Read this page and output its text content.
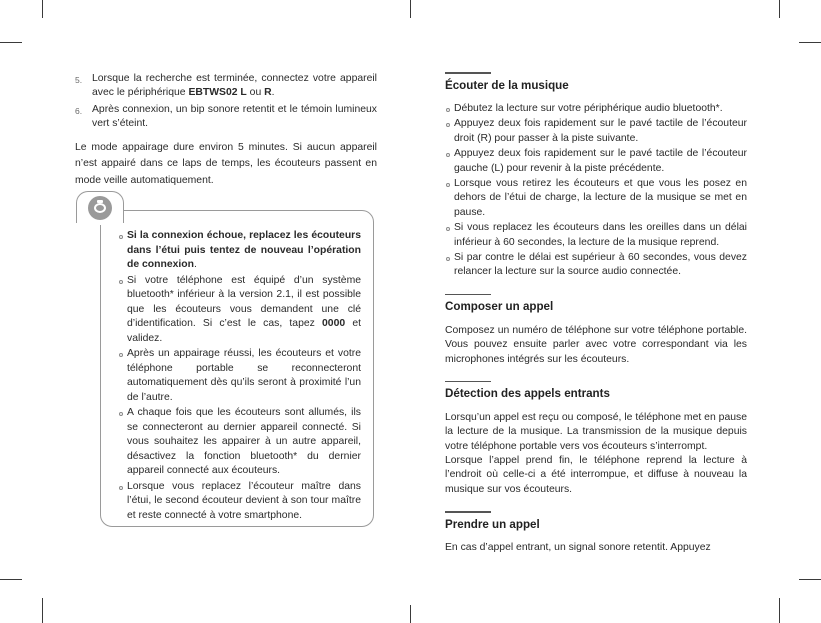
5. Lorsque la recherche est terminée, connectez votre appareil avec le périphérique EBTWS02 L ou R.
6. Après connexion, un bip sonore retentit et le témoin lumineux vert s’éteint.

Le mode appairage dure environ 5 minutes. Si aucun appareil n’est appairé dans ce laps de temps, les écouteurs passent en mode veille automatiquement.

Si la connexion échoue, replacez les écouteurs dans l’étui puis tentez de nouveau l’opération de connexion.
Si votre téléphone est équipé d’un système bluetooth* inférieur à la version 2.1, il est possible que les écouteurs vous demandent une clé d’identification. Si c’est le cas, tapez 0000 et validez.
Après un appairage réussi, les écouteurs et votre téléphone portable se reconnecteront automatiquement dès qu’ils seront à proximité l’un de l’autre.
A chaque fois que les écouteurs sont allumés, ils se connecteront au dernier appareil connecté. Si vous souhaitez les appairer à un autre appareil, désactivez la fonction bluetooth* du dernier appareil connecté aux écouteurs.
Lorsque vous replacez l’écouteur maître dans l’étui, le second écouteur devient à son tour maître et reste connecté à votre smartphone.
Écouter de la musique
Débutez la lecture sur votre périphérique audio bluetooth*.
Appuyez deux fois rapidement sur le pavé tactile de l’écouteur droit (R) pour passer à la piste suivante.
Appuyez deux fois rapidement sur le pavé tactile de l’écouteur gauche (L) pour revenir à la piste précédente.
Lorsque vous retirez les écouteurs et que vous les posez en dehors de l’étui de charge, la lecture de la musique se met en pause.
Si vous replacez les écouteurs dans les oreilles dans un délai inférieur à 60 secondes, la lecture de la musique reprend.
Si par contre le délai est supérieur à 60 secondes, vous devez relancer la lecture sur la source audio connectée.
Composer un appel

Composez un numéro de téléphone sur votre téléphone portable. Vous pouvez ensuite parler avec votre correspondant via les microphones intégrés sur les écouteurs.

Détection des appels entrants

Lorsqu’un appel est reçu ou composé, le téléphone met en pause la lecture de la musique. La transmission de la musique depuis votre téléphone portable vers vos écouteurs s’interrompt.

Lorsque l’appel prend fin, le téléphone reprend la lecture à l’endroit où celle-ci a été interrompue, et diffuse à nouveau la musique sur vos écouteurs.

Prendre un appel

En cas d’appel entrant, un signal sonore retentit. Appuyez
